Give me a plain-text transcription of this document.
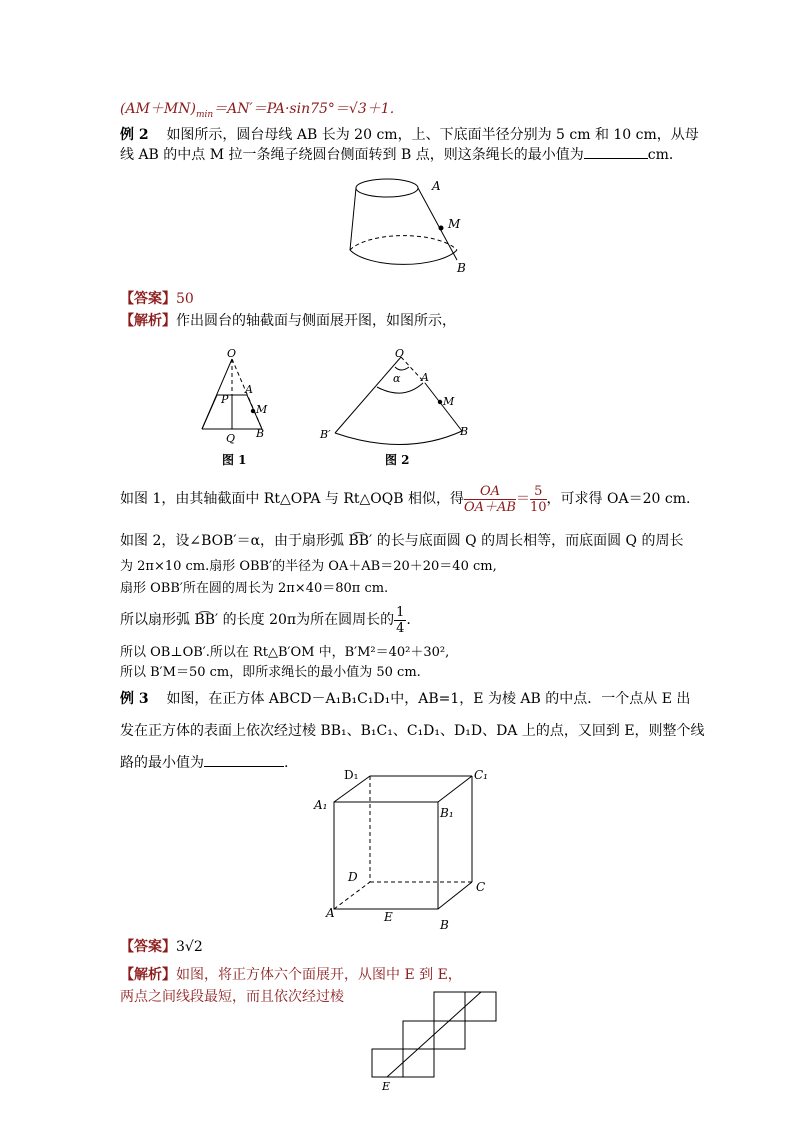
$(AM+MN)_{min}=AN'=PA\cdot\sin 75^\circ=√3+1$．
例 2 如图所示，圆台母线 AB 长为 20 cm，上、下底面半径分别为 5 cm 和 10 cm，从母
线 AB 的中点 M 拉一条绳子绕圆台侧面转到 B 点，则这条绳长的最小值为	cm．
A
M
B
【答案】50
【解析】作出圆台的轴截面与侧面展开图，如图所示，
O
P
A
M
Q B
图 1
O
α A
M
B′	B
图 2
如图 1，由其轴截面中 Rt△OPA 与 Rt△OQB 相似，得 $\frac{OA}{OA+AB} = \frac{5}{10}$ ，可求得 OA＝20 cm.
如图 2，设∠BOB′＝α，由于扇形弧 B͡B′ 的长与底面圆 Q 的周长相等，而底面圆 Q 的周长
为 2π×10 cm.扇形 OBB′的半径为 OA＋AB＝20＋20＝40 cm,
扇形 OBB′所在圆的周长为 2π×40＝80π cm.
所以扇形弧 B͡B′ 的长度 20π为所在圆周长的 $\frac{1}{4}$ .
所以 OB⊥OB′.所以在 Rt△B′OM 中，B′M²＝40²＋30²,
所以 B′M＝50 cm，即所求绳长的最小值为 50 cm.
例 3 如图，在正方体 ABCD－A₁B₁C₁D₁中，AB=1，E 为棱 AB 的中点．一个点从 E 出
发在正方体的表面上依次经过棱 BB₁、B₁C₁、C₁D₁、D₁D、DA 上的点，又回到 E，则整个线
路的最小值为	.
D₁	C₁
A₁
B₁
D
C
A	E
B
【答案】3√2
【解析】如图，将正方体六个面展开，从图中 E 到 E，
两点之间线段最短，而且依次经过棱
E
